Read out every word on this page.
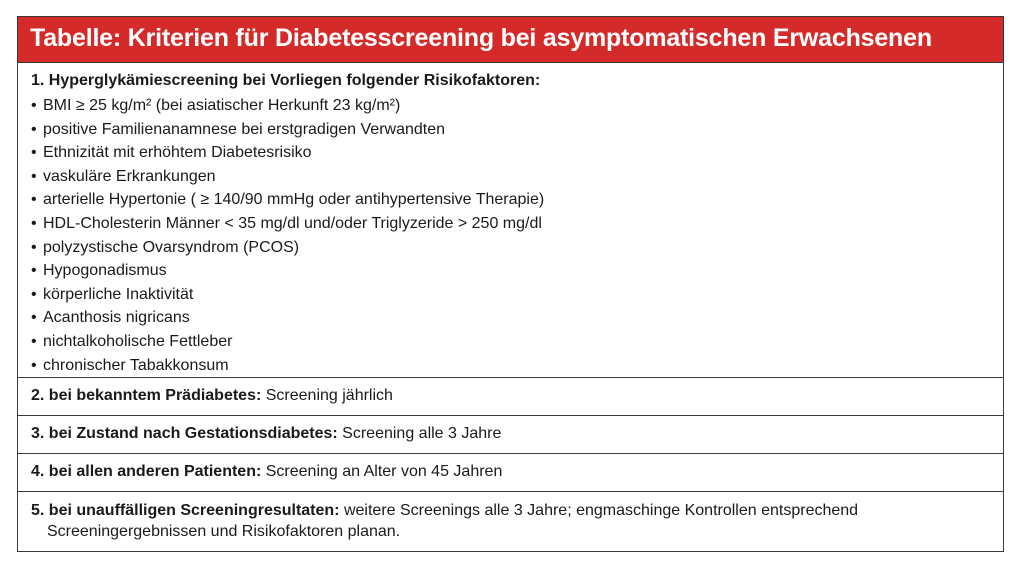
Tabelle: Kriterien für Diabetesscreening bei asymptomatischen Erwachsenen
1. Hyperglykämiescreening bei Vorliegen folgender Risikofaktoren:
• BMI ≥ 25 kg/m² (bei asiatischer Herkunft 23 kg/m²)
• positive Familienanamnese bei erstgradigen Verwandten
• Ethnizität mit erhöhtem Diabetesrisiko
• vaskuläre Erkrankungen
• arterielle Hypertonie ( ≥ 140/90 mmHg oder antihypertensive Therapie)
• HDL-Cholesterin Männer < 35 mg/dl und/oder Triglyzeride > 250 mg/dl
• polyzystische Ovarsyndrom (PCOS)
• Hypogonadismus
• körperliche Inaktivität
• Acanthosis nigricans
• nichtalkoholische Fettleber
• chronischer Tabakkonsum
2. bei bekanntem Prädiabetes: Screening jährlich
3. bei Zustand nach Gestationsdiabetes: Screening alle 3 Jahre
4. bei allen anderen Patienten: Screening an Alter von 45 Jahren
5. bei unauffälligen Screeningresultaten: weitere Screenings alle 3 Jahre; engmaschinge Kontrollen entsprechend
Screeningergebnissen und Risikofaktoren planan.
